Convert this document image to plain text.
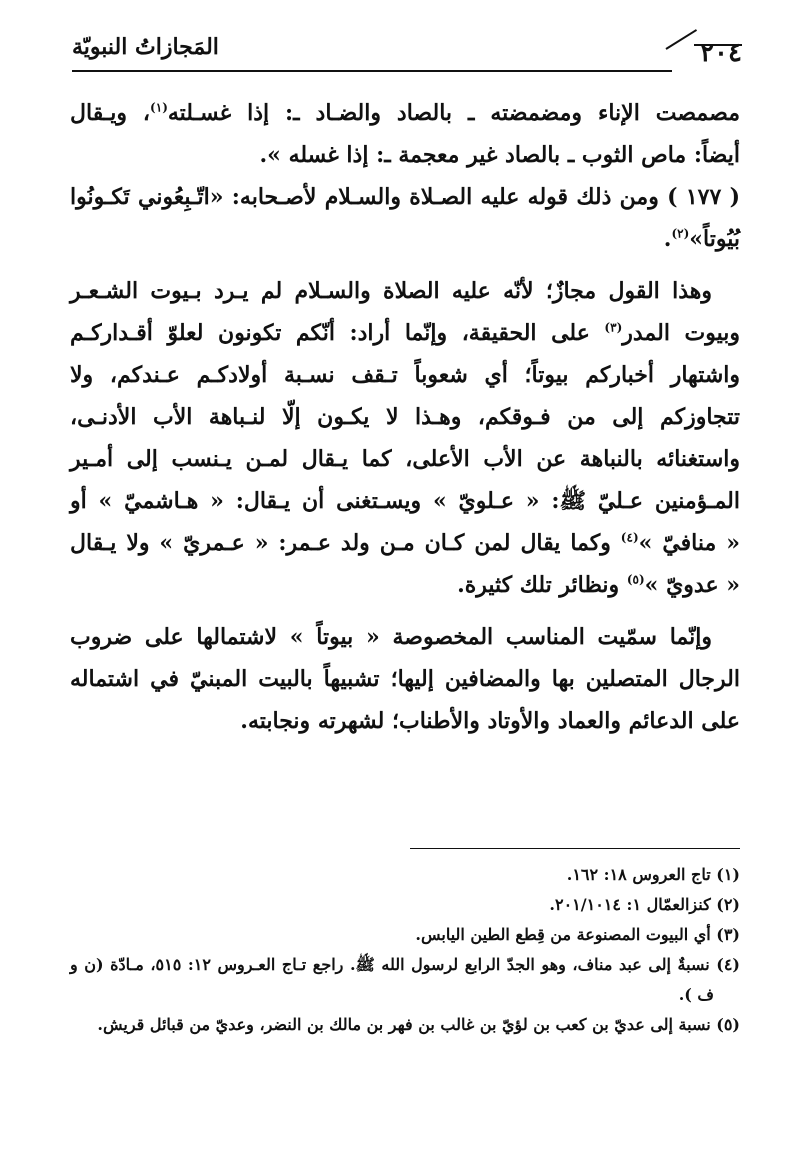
٢٠٤
المَجازاتُ النبويّة
مصمصت الإناء ومضمضته ـ بالصاد والضـاد ـ: إذا غسـلته$^{(١)}$، ويـقال
أيضاً: ماص الثوب ـ بالصاد غير معجمة ـ: إذا غسله ».
( ١٧٧ ) ومن ذلك قوله عليه الصـلاة والسـلام لأصـحابه: «اتّـبِعُوني تَكـونُوا
بُيُوتاً»$^{(٢)}$.
وهذا القول مجازٌ؛ لأنّه عليه الصلاة والسـلام لم يـرد بـيوت الشـعـر
وبيوت المدر$^{(٣)}$ على الحقيقة، وإنّما أراد: أنّكم تكونون لعلوّ أقـداركـم
واشتهار أخباركم بيوتاً؛ أي شعوباً تـقف نسـبة أولادكـم عـندكم، ولا
تتجاوزكم إلى من فـوقكم، وهـذا لا يكـون إلّا لنـباهة الأب الأدنـى،
واستغنائه بالنباهة عن الأب الأعلى، كما يـقال لمـن يـنسب إلى أمـير
المـؤمنين عـليّ ﷺ: « عـلويّ » ويسـتغنى أن يـقال: « هـاشميّ » أو
« منافيّ »$^{(٤)}$ وكما يقال لمن كـان مـن ولد عـمر: « عـمريّ » ولا يـقال
« عدويّ »$^{(٥)}$ ونظائر تلك كثيرة.
وإنّما سمّيت المناسب المخصوصة « بيوتاً » لاشتمالها على ضروب
الرجال المتصلين بها والمضافين إليها؛ تشبيهاً بالبيت المبنيّ في اشتماله
على الدعائم والعماد والأوتاد والأطناب؛ لشهرته ونجابته.
(١) تاج العروس ١٨: ١٦٢.
(٢) كنزالعمّال ١: ٢٠١/١٠١٤.
(٣) أي البيوت المصنوعة من قِطع الطين اليابس.
(٤) نسبةٌ إلى عبد مناف، وهو الجدّ الرابع لرسول الله ﷺ. راجع تـاج العـروس ١٢: ٥١٥، مـادّة (ن و
ف ).
(٥) نسبة إلى عديّ بن كعب بن لؤيّ بن غالب بن فهر بن مالك بن النضر، وعديّ من قبائل قريش.
